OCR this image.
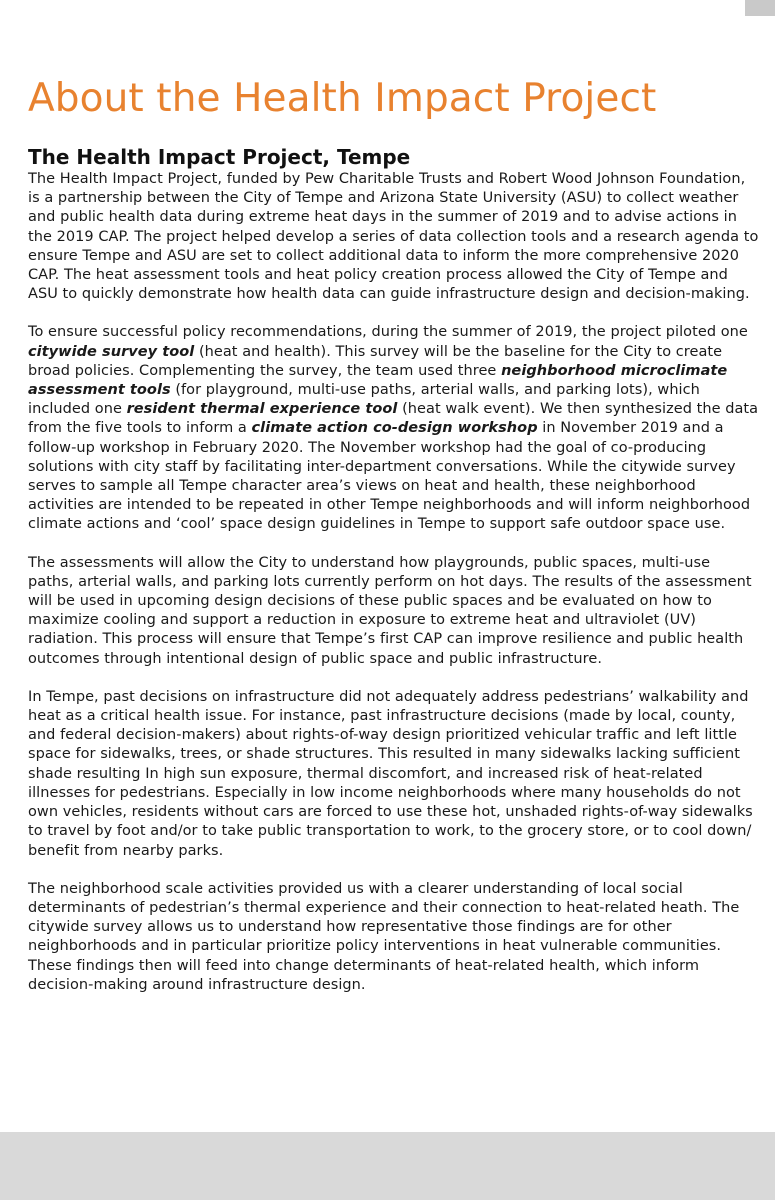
About the Health Impact Project
The Health Impact Project, Tempe

The Health Impact Project, funded by Pew Charitable Trusts and Robert Wood Johnson Foundation, is a partnership between the City of Tempe and Arizona State University (ASU) to collect weather and public health data during extreme heat days in the summer of 2019 and to advise actions in the 2019 CAP. The project helped develop a series of data collection tools and a research agenda to ensure Tempe and ASU are set to collect additional data to inform the more comprehensive 2020 CAP. The heat assessment tools and heat policy creation process allowed the City of Tempe and ASU to quickly demonstrate how health data can guide infrastructure design and decision-making.

To ensure successful policy recommendations, during the summer of 2019, the project piloted one citywide survey tool (heat and health). This survey will be the baseline for the City to create broad policies. Complementing the survey, the team used three neighborhood microclimate assessment tools (for playground, multi-use paths, arterial walls, and parking lots), which included one resident thermal experience tool (heat walk event). We then synthesized the data from the five tools to inform a climate action co-design workshop in November 2019 and a follow-up workshop in February 2020. The November workshop had the goal of co-producing solutions with city staff by facilitating inter-department conversations. While the citywide survey serves to sample all Tempe character area’s views on heat and health, these neighborhood activities are intended to be repeated in other Tempe neighborhoods and will inform neighborhood climate actions and ‘cool’ space design guidelines in Tempe to support safe outdoor space use.

The assessments will allow the City to understand how playgrounds, public spaces, multi-use paths, arterial walls, and parking lots currently perform on hot days. The results of the assessment will be used in upcoming design decisions of these public spaces and be evaluated on how to maximize cooling and support a reduction in exposure to extreme heat and ultraviolet (UV) radiation. This process will ensure that Tempe’s first CAP can improve resilience and public health outcomes through intentional design of public space and public infrastructure.

In Tempe, past decisions on infrastructure did not adequately address pedestrians’ walkability and heat as a critical health issue. For instance, past infrastructure decisions (made by local, county, and federal decision-makers) about rights-of-way design prioritized vehicular traffic and left little space for sidewalks, trees, or shade structures. This resulted in many sidewalks lacking sufficient shade resulting In high sun exposure, thermal discomfort, and increased risk of heat-related illnesses for pedestrians. Especially in low income neighborhoods where many households do not own vehicles, residents without cars are forced to use these hot, unshaded rights-of-way sidewalks to travel by foot and/or to take public transportation to work, to the grocery store, or to cool down/ benefit from nearby parks.

The neighborhood scale activities provided us with a clearer understanding of local social determinants of pedestrian’s thermal experience and their connection to heat-related heath. The citywide survey allows us to understand how representative those findings are for other neighborhoods and in particular prioritize policy interventions in heat vulnerable communities. These findings then will feed into change determinants of heat-related health, which inform decision-making around infrastructure design.
